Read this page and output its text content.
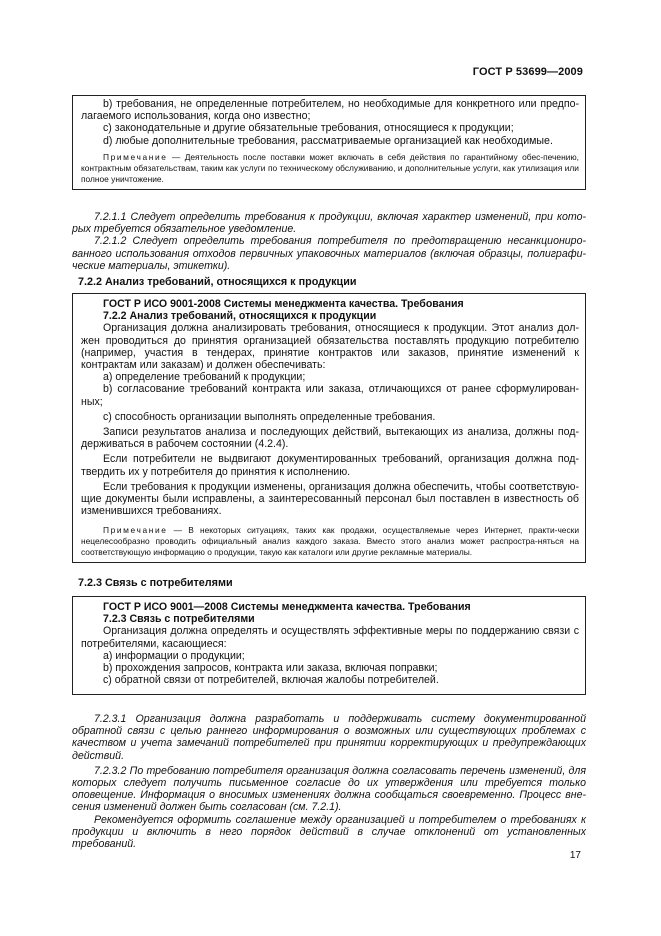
ГОСТ Р 53699—2009

b) требования, не определенные потребителем, но необходимые для конкретного или предпо-лагаемого использования, когда оно известно;

c) законодательные и другие обязательные требования, относящиеся к продукции;

d) любые дополнительные требования, рассматриваемые организацией как необходимые.

Примечание — Деятельность после поставки может включать в себя действия по гарантийному обес-печению, контрактным обязательствам, таким как услуги по техническому обслуживанию, и дополнительные услуги, как утилизация или полное уничтожение.

7.2.1.1 Следует определить требования к продукции, включая характер изменений, при кото-рых требуется обязательное уведомление.

7.2.1.2 Следует определить требования потребителя по предотвращению несанкционирo-ванного использования отходов первичных упаковочных материалов (включая образцы, полиграфи-ческие материалы, этикетки).

7.2.2 Анализ требований, относящихся к продукции

ГОСТ Р ИСО 9001-2008 Системы менеджмента качества. Требования

7.2.2 Анализ требований, относящихся к продукции

Организация должна анализировать требования, относящиеся к продукции. Этот анализ дол-жен проводиться до принятия организацией обязательства поставлять продукцию потребителю (например, участия в тендерах, принятие контрактов или заказов, принятие изменений к контрактам или заказам) и должен обеспечивать:

a) определение требований к продукции;

b) согласование требований контракта или заказа, отличающихся от ранее сформулирован-ных;

c) способность организации выполнять определенные требования.

Записи результатов анализа и последующих действий, вытекающих из анализа, должны под-держиваться в рабочем состоянии (4.2.4).

Если потребители не выдвигают документированных требований, организация должна под-твердить их у потребителя до принятия к исполнению.

Если требования к продукции изменены, организация должна обеспечить, чтобы соответствую-щие документы были исправлены, а заинтересованный персонал был поставлен в известность об изменившихся требованиях.

Примечание — В некоторых ситуациях, таких как продажи, осуществляемые через Интернет, практи-чески нецелесообразно проводить официальный анализ каждого заказа. Вместо этого анализ может распростра-няться на соответствующую информацию о продукции, такую как каталоги или другие рекламные материалы.

7.2.3 Связь с потребителями

ГОСТ Р ИСО 9001—2008 Системы менеджмента качества. Требования

7.2.3 Связь с потребителями

Организация должна определять и осуществлять эффективные меры по поддержанию связи с потребителями, касающиеся:

a) информации о продукции;

b) прохождения запросов, контракта или заказа, включая поправки;

c) обратной связи от потребителей, включая жалобы потребителей.

7.2.3.1 Организация должна разработать и поддерживать систему документированной обратной связи с целью раннего информирования о возможных или существующих проблемах с качеством и учета замечаний потребителей при принятии корректирующих и предупреждающих действий.

7.2.3.2 По требованию потребителя организация должна согласовать перечень изменений, для которых следует получить письменное согласие до их утверждения или требуется только оповещение. Информация о вносимых изменениях должна сообщаться своевременно. Процесс вне-сения изменений должен быть согласован (см. 7.2.1).

Рекомендуется оформить соглашение между организацией и потребителем о требованиях к продукции и включить в него порядок действий в случае отклонений от установленных требований.

17
